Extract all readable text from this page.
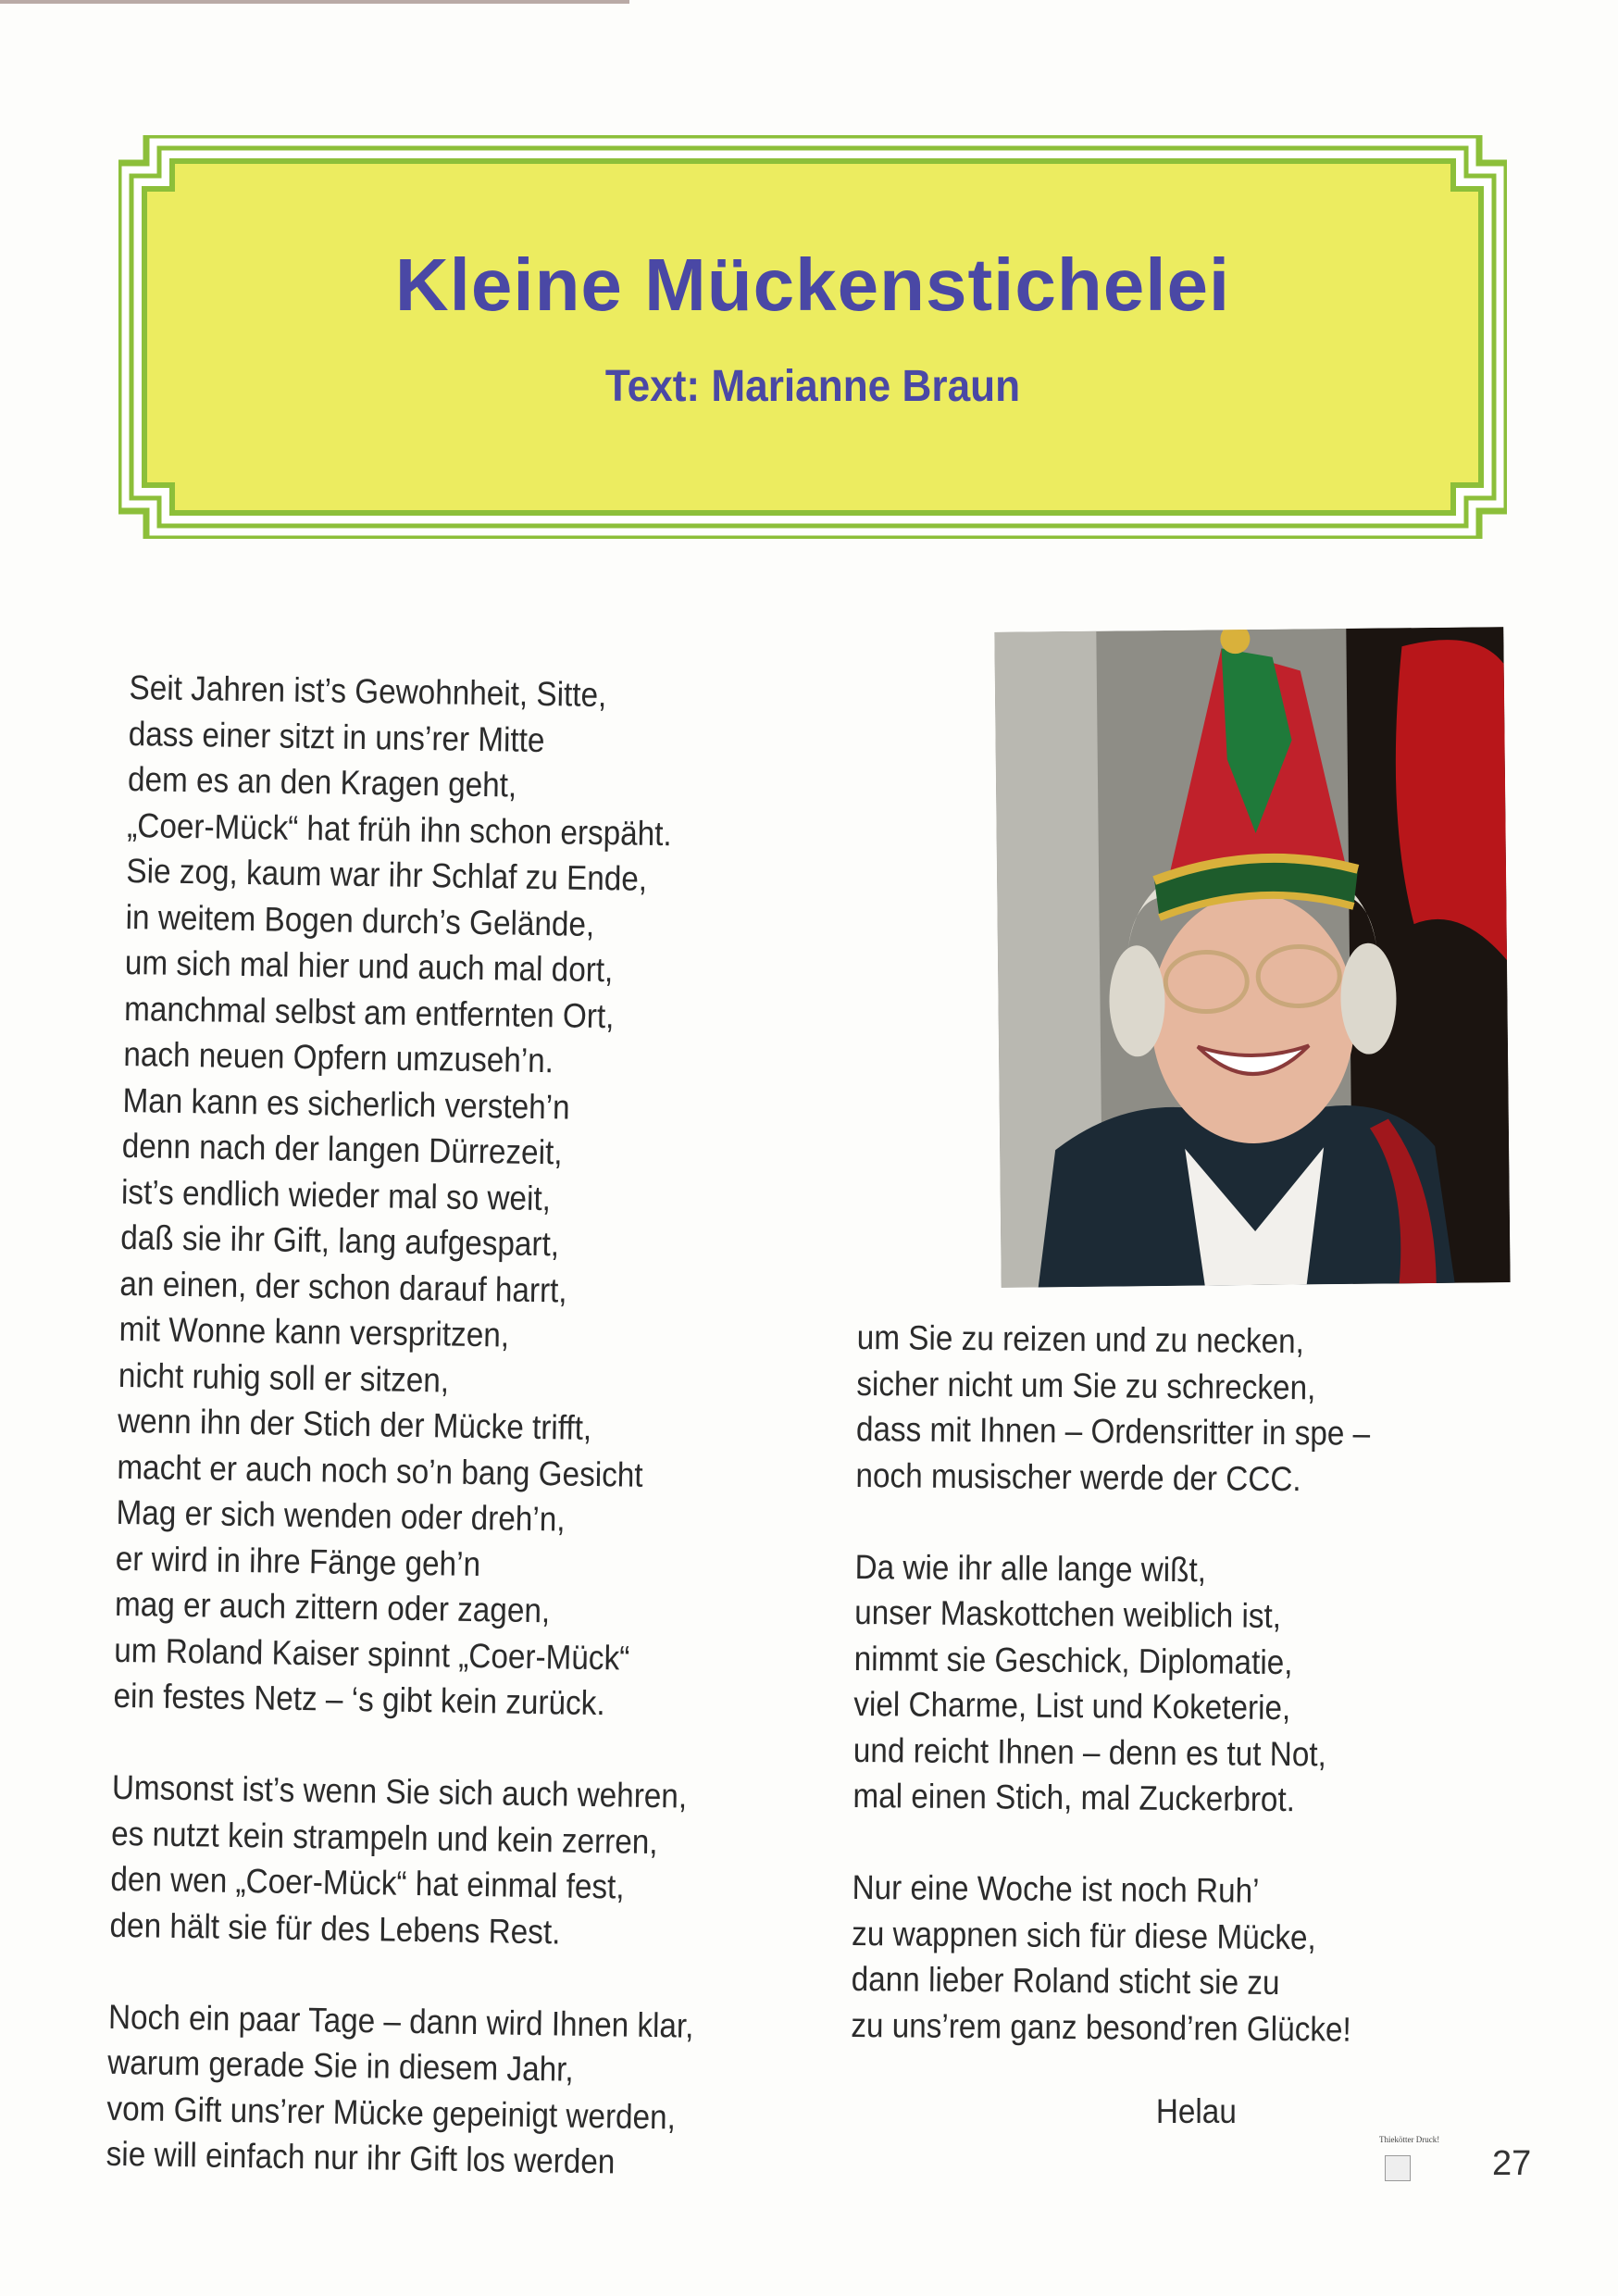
Kleine Mückenstichelei
Text: Marianne Braun
Seit Jahren ist’s Gewohnheit, Sitte,
dass einer sitzt in uns’rer Mitte
dem es an den Kragen geht,
„Coer-Mück“ hat früh ihn schon erspäht.
Sie zog, kaum war ihr Schlaf zu Ende,
in weitem Bogen durch’s Gelände,
um sich mal hier und auch mal dort,
manchmal selbst am entfernten Ort,
nach neuen Opfern umzuseh’n.
Man kann es sicherlich versteh’n
denn nach der langen Dürrezeit,
ist’s endlich wieder mal so weit,
daß sie ihr Gift, lang aufgespart,
an einen, der schon darauf harrt,
mit Wonne kann verspritzen,
nicht ruhig soll er sitzen,
wenn ihn der Stich der Mücke trifft,
macht er auch noch so’n bang Gesicht
Mag er sich wenden oder dreh’n,
er wird in ihre Fänge geh’n
mag er auch zittern oder zagen,
um Roland Kaiser spinnt „Coer-Mück“
ein festes Netz – ‘s gibt kein zurück.
Umsonst ist’s wenn Sie sich auch wehren,
es nutzt kein strampeln und kein zerren,
den wen „Coer-Mück“ hat einmal fest,
den hält sie für des Lebens Rest.
Noch ein paar Tage – dann wird Ihnen klar,
warum gerade Sie in diesem Jahr,
vom Gift uns’rer Mücke gepeinigt werden,
sie will einfach nur ihr Gift los werden
um Sie zu reizen und zu necken,
sicher nicht um Sie zu schrecken,
dass mit Ihnen – Ordensritter in spe –
noch musischer werde der CCC.
Da wie ihr alle lange wißt,
unser Maskottchen weiblich ist,
nimmt sie Geschick, Diplomatie,
viel Charme, List und Koketerie,
und reicht Ihnen – denn es tut Not,
mal einen Stich, mal Zuckerbrot.
Nur eine Woche ist noch Ruh’
zu wappnen sich für diese Mücke,
dann lieber Roland sticht sie zu
zu uns’rem ganz besond’ren Glücke!
Helau
Thiekötter Druck!
27
